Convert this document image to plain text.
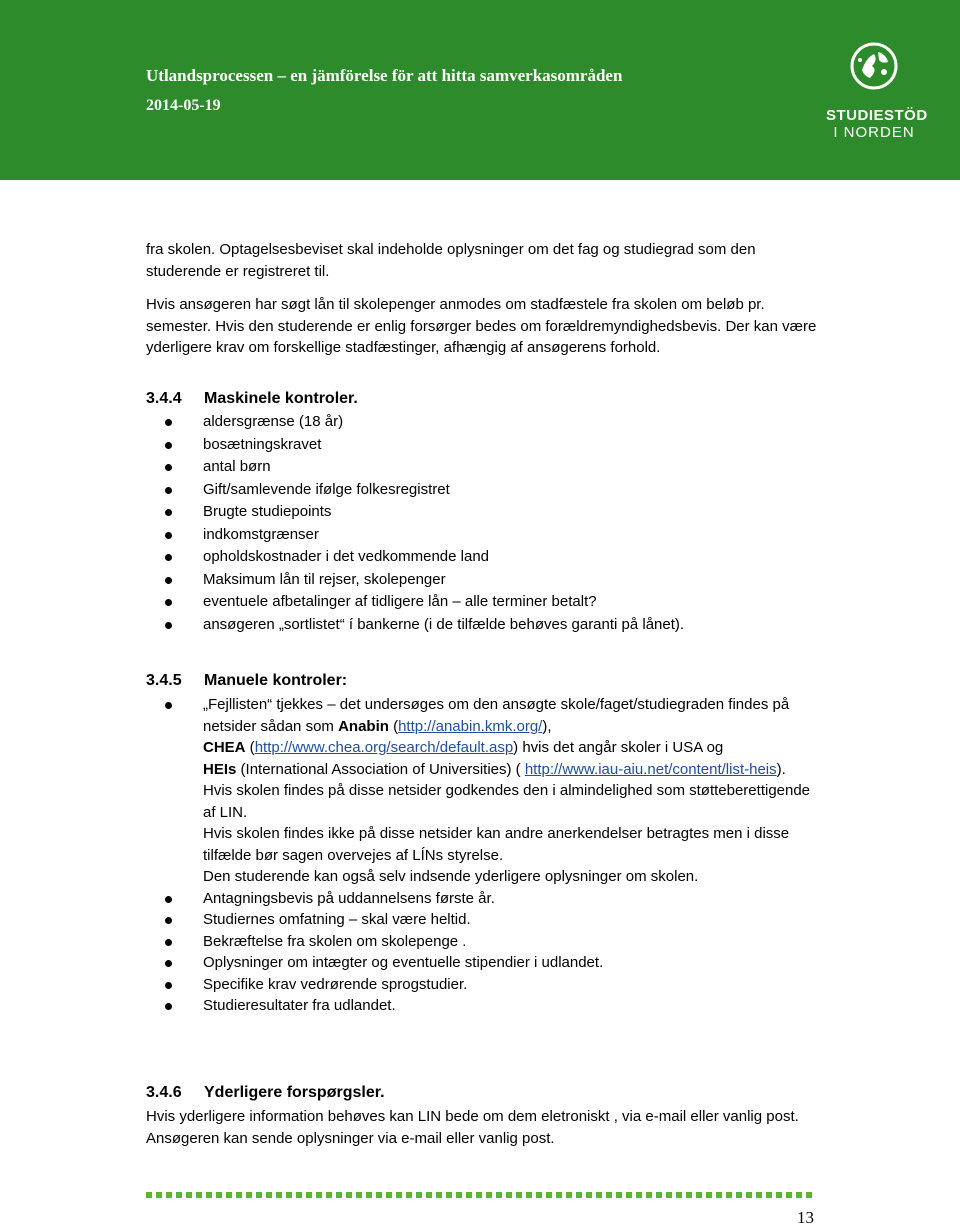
Utlandsprocessen – en jämförelse för att hitta samverkasområden
2014-05-19
STUDIESTÖD
I NORDEN
fra skolen. Optagelsesbeviset skal indeholde oplysninger om det fag og studiegrad som den studerende er registreret til.
Hvis ansøgeren har søgt lån til skolepenger anmodes om stadfæstele fra skolen om beløb pr. semester. Hvis den studerende er enlig forsørger bedes om forældremyndighedsbevis. Der kan være yderligere krav om forskellige stadfæstinger, afhængig af ansøgerens forhold.
3.4.4 Maskinele kontroler.
aldersgrænse (18 år)
bosætningskravet
antal børn
Gift/samlevende ifølge folkesregistret
Brugte studiepoints
indkomstgrænser
opholdskostnader i det vedkommende land
Maksimum lån til rejser, skolepenger
eventuele afbetalinger af tidligere lån – alle terminer betalt?
ansøgeren „sortlistet“ í bankerne (i de tilfælde behøves garanti på lånet).
3.4.5 Manuele kontroler:
„Fejllisten“ tjekkes – det undersøges om den ansøgte skole/faget/studiegraden findes på netsider sådan som Anabin (http://anabin.kmk.org/),
CHEA (http://www.chea.org/search/default.asp) hvis det angår skoler i USA og
HEIs (International Association of Universities) ( http://www.iau-aiu.net/content/list-heis).
Hvis skolen findes på disse netsider godkendes den i almindelighed som støtteberettigende af LIN.
Hvis skolen findes ikke på disse netsider kan andre anerkendelser betragtes men i disse tilfælde bør sagen overvejes af LÍNs styrelse.
Den studerende kan også selv indsende yderligere oplysninger om skolen.
Antagningsbevis på uddannelsens første år.
Studiernes omfatning – skal være heltid.
Bekræftelse fra skolen om skolepenge .
Oplysninger om intægter og eventuelle stipendier i udlandet.
Specifike krav vedrørende sprogstudier.
Studieresultater fra udlandet.
3.4.6 Yderligere forspørgsler.
Hvis yderligere information behøves kan LIN bede om dem eletroniskt , via e-mail eller vanlig post. Ansøgeren kan sende oplysninger via e-mail eller vanlig post.
13
